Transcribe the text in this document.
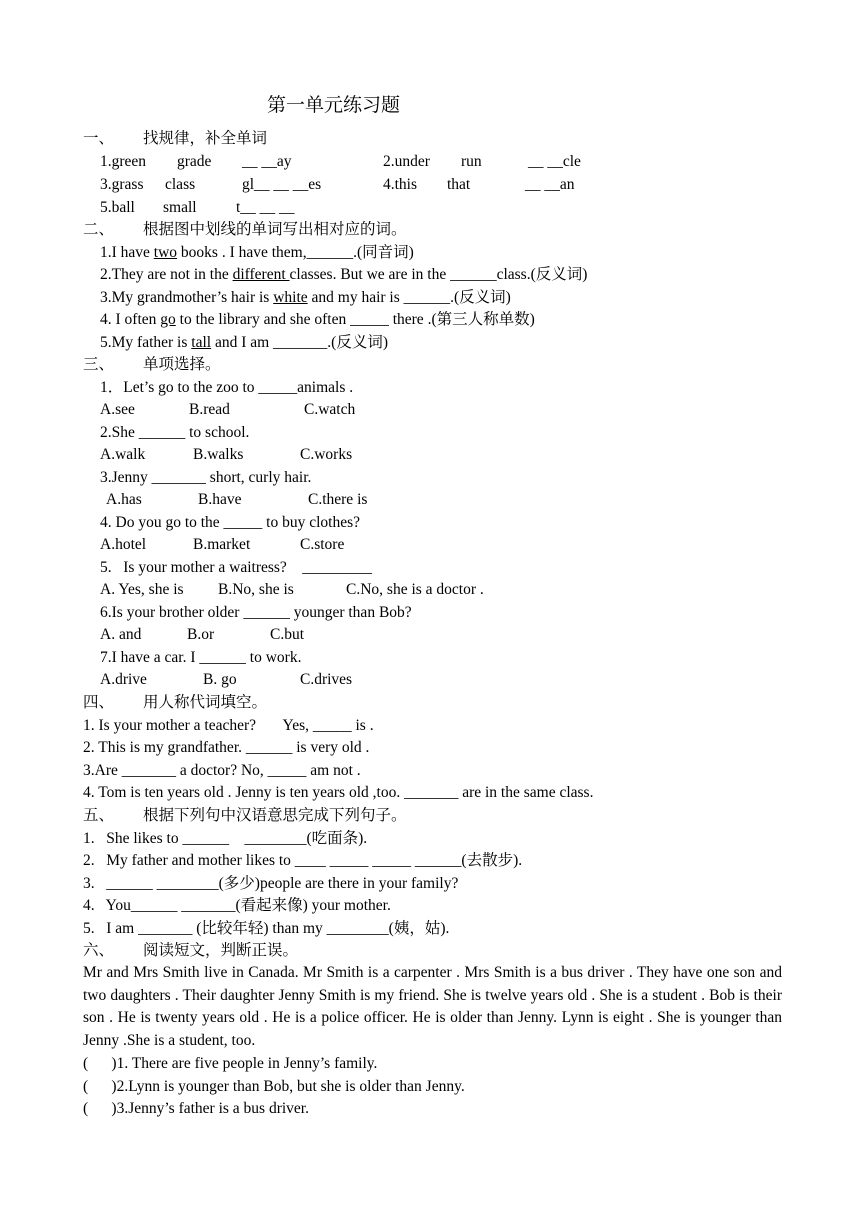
第一单元练习题
一、 找规律，补全单词
1.green grade __ __ay	2.under run	__ __cle
3.grass class	gl__ __ __es	4.this that	__ __an
5.ball small	t__ __ __
二、 根据图中划线的单词写出相对应的词。
1.I have two books . I have them,______.(同音词)
2.They are not in the different classes. But we are in the ______class.(反义词)
3.My grandmother’s hair is white and my hair is ______.(反义词)
4. I often go to the library and she often _____ there .(第三人称单数)
5.My father is tall and I am _______.(反义词)
三、 单项选择。
1．Let’s go to the zoo to _____animals .
A.see	B.read	C.watch
2.She ______ to school.
A.walk	B.walks	C.works
3.Jenny _______ short, curly hair.
A.has	B.have	C.there is
4. Do you go to the _____ to buy clothes?
A.hotel	B.market	C.store
5.   Is your mother a waitress?    _________
A. Yes, she is B.No, she is	C.No, she is a doctor .
6.Is your brother older ______ younger than Bob?
A. and	B.or	C.but
7.I have a car. I ______ to work.
A.drive	B. go	C.drives
四、 用人称代词填空。
1. Is your mother a teacher?       Yes, _____ is .
2. This is my grandfather. ______ is very old .
3.Are _______ a doctor? No, _____ am not .
4. Tom is ten years old . Jenny is ten years old ,too. _______ are in the same class.
五、 根据下列句中汉语意思完成下列句子。
1.   She likes to ______    ________(吃面条).
2.   My father and mother likes to ____ _____ _____ ______(去散步).
3.   ______ ________(多少)people are there in your family?
4.   You______ _______(看起来像) your mother.
5.   I am _______ (比较年轻) than my ________(姨，姑).
六、 阅读短文，判断正误。
Mr and Mrs Smith live in Canada. Mr Smith is a carpenter . Mrs Smith is a bus driver . They have one son and two daughters . Their daughter Jenny Smith is my friend. She is twelve years old . She is a student . Bob is their son . He is twenty years old . He is a police officer. He is older than Jenny. Lynn is eight . She is younger than Jenny .She is a student, too.
(      )1. There are five people in Jenny’s family.
(      )2.Lynn is younger than Bob, but she is older than Jenny.
(      )3.Jenny’s father is a bus driver.
